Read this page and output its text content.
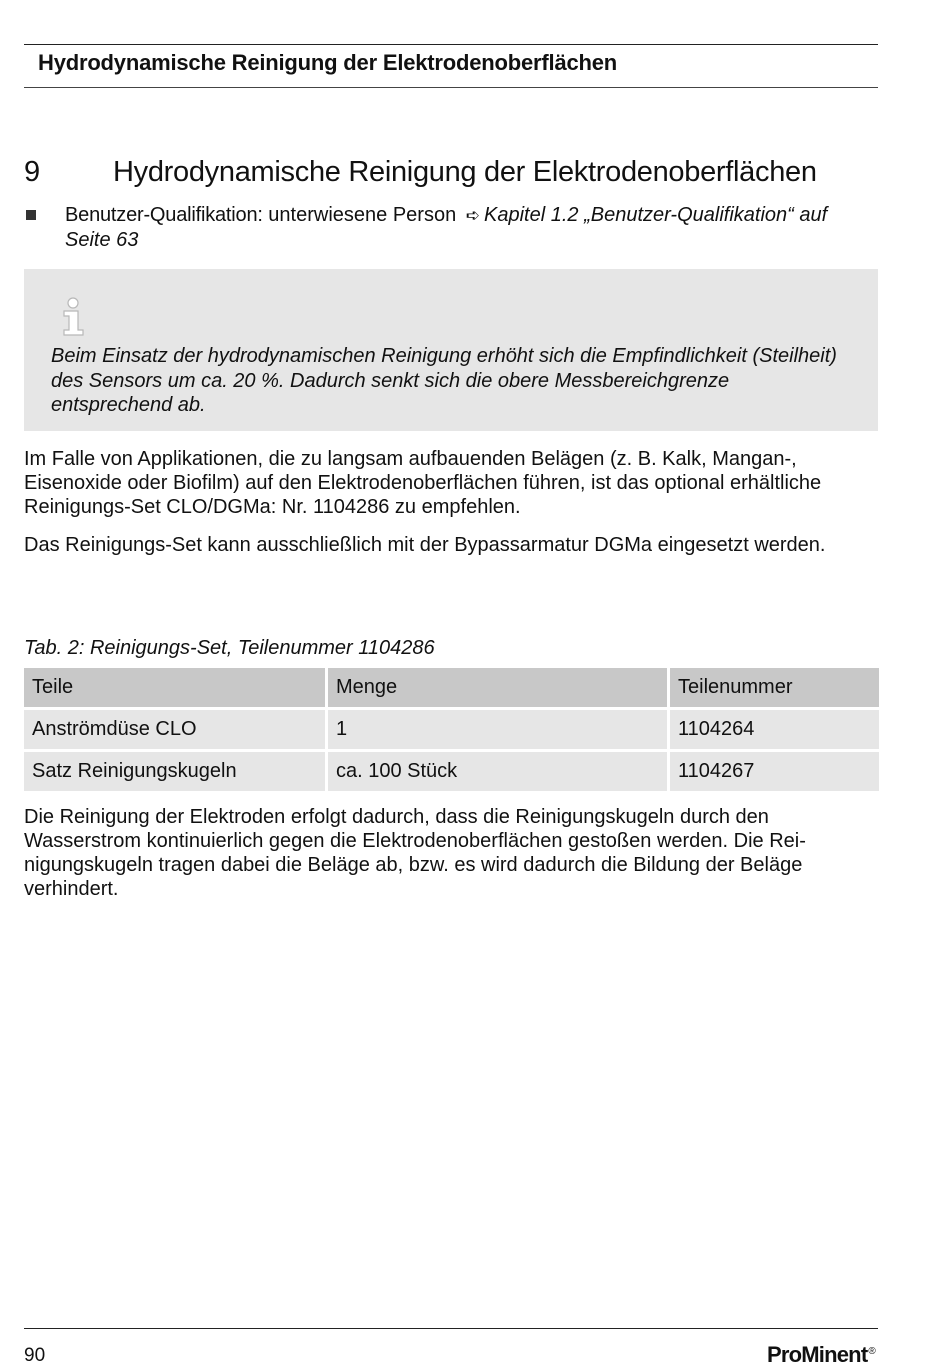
Hydrodynamische Reinigung der Elektrodenoberflächen
9	Hydrodynamische Reinigung der Elektrodenoberflächen
Benutzer-Qualifikation: unterwiesene Person ➪ Kapitel 1.2 „Benutzer-Qualifikation“ auf Seite 63
Beim Einsatz der hydrodynamischen Reinigung erhöht sich die Empfindlichkeit (Steilheit) des Sensors um ca. 20 %. Dadurch senkt sich die obere Messbereichgrenze entsprechend ab.
Im Falle von Applikationen, die zu langsam aufbauenden Belägen (z. B. Kalk, Mangan-, Eisenoxide oder Biofilm) auf den Elektrodenoberflächen führen, ist das optional erhältliche Reinigungs-Set CLO/DGMa: Nr. 1104286 zu empfehlen.
Das Reinigungs-Set kann ausschließlich mit der Bypassarmatur DGMa eingesetzt werden.
Tab. 2: Reinigungs-Set, Teilenummer 1104286
Teile	Menge	Teilenummer
Anströmdüse CLO	1	1104264
Satz Reinigungskugeln	ca. 100 Stück	1104267
Die Reinigung der Elektroden erfolgt dadurch, dass die Reinigungskugeln durch den Wasserstrom kontinuierlich gegen die Elektrodenoberflächen gestoßen werden. Die Reinigungskugeln tragen dabei die Beläge ab, bzw. es wird dadurch die Bildung der Beläge verhindert.
90	ProMinent®
